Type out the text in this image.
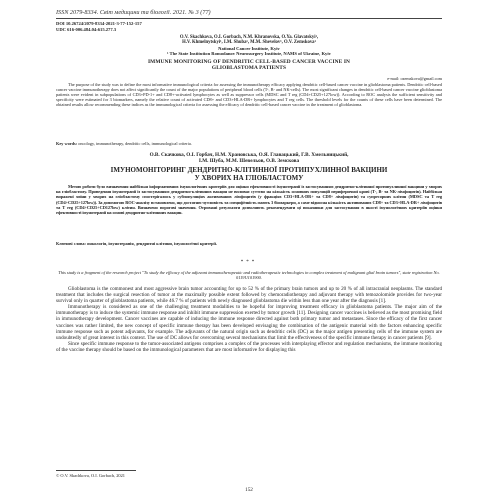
ISSN 2079-8334. Світ медицини та біології. 2021. № 3 (77)
DOI 10.26724/2079-8334-2021-3-77-152-157
UDC 616-006.484.04:615.277.3
O.V. Skachkova, O.I. Gorbach, N.M. Khranovska, O.Ya. Glavatskyi¹,
H.V. Khmelnytskyi¹, I.M. Shuba¹, M.M. Shevelov¹, O.V. Zemskova¹
National Cancer Institute, Kyiv
¹ The State Institution Romodanov Neurosurgery Institute, NAMS of Ukraine, Kyiv
IMMUNE MONITORING OF DENDRITIC CELL-BASED CANCER VACCINE IN
GLIOBLASTOMA PATIENTS
e-mail: ozemskova@gmail.com
The purpose of the study was to define the most informative immunological criteria for assessing the immunotherapy efficacy applying dendritic cell-based cancer vaccine in glioblastoma patients. Dendritic cell-based cancer vaccine immunotherapy does not affect significantly the count of the major populations of peripheral blood cells (T-, B- and NK-cells). The most significant changes in dendritic cell-based cancer vaccine glioblastoma patients were evident in subpopulations of CD3+PD-1+ and CD8+-activated lymphocytes as well as suppressor cells (MDSC and T reg (CD4+CD25+127low)). According to ROC analysis the sufficient sensitivity and specificity were estimated for 3 biomarkers, namely the relative count of activated CD8+ and CD3+HLA-DR+ lymphocytes and T reg cells. The threshold levels for the counts of these cells have been determined. The obtained results allow recommending these indices as the immunological criteria for assessing the efficacy of dendritic cell-based cancer vaccine in the treatment of glioblastoma.
Key words: oncology, immunotherapy, dendritic cells, immunological criteria.
О.В. Скачкова, О.І. Горбач, Н.М. Храновська, О.Я. Главацький, Г.В. Хмельницький,
І.М. Шуба, М.М. Шевельов, О.В. Земскова
ІМУНОМОНІТОРИНГ ДЕНДРИТНО-КЛІТИННОЇ ПРОТИПУХЛИННОЇ ВАКЦИНИ
У ХВОРИХ НА ГЛІОБЛАСТОМУ
Метою роботи було визначення найбільш інформативних імунологічних критеріїв для оцінки ефективності імунотерапії із застосуванням дендритно-клітинної протипухлинної вакцини у хворих на гліобластому. Проведення імунотерапії із застосуванням дендритно-клітинних вакцин не впливає суттєво на кількість основних популяцій периферичної крові (Т-, В- та NK-лімфоцитів). Найбільш виражені зміни у хворих на гліобластому спостерігались у субпопуляціях активованих лімфоцитів (у фракціях CD3+HLA-DR+ та CD8+ лімфоцитів) та супресорних клітин (MDSC та T reg (CD4+CD25+127low)). За допомогою ROC-аналізу встановлено, що достатню чутливість та специфічність мають 3 біомаркери, а саме відносна кількість активованих CD8+ та CD3+HLA-DR+ лімфоцитів та T reg (CD4+CD25+CD127low) клітин. Визначено порогові значення. Отримані результати дозволяють рекомендувати ці показники для застосування в якості імунологічних критеріїв оцінки ефективності імунотерапії на основі дендритно-клітинних вакцин.
Ключові слова: онкологія, імунотерапія, дендритні клітини, імунологічні критерії.
***
This study is a fragment of the research project "To study the efficacy of the adjuvant immunotherapeutic and radiotherapeutic technologies in complex treatment of malignant glial brain tumors", state registration No. 0119U101900.

Glioblastoma is the commonest and most aggressive brain tumor accounting for up to 52 % of the primary brain tumors and up to 20 % of all intracranial neoplasms. The standard treatment that includes the surgical resection of tumor at the maximally possible extent followed by chemoradiotherapy and adjuvant therapy with temozolomide provides for two-year survival only in quarter of glioblastoma patients, while 46.7 % of patients with newly diagnosed glioblastoma die within less than one year after the diagnosis [1].

Immunotherapy is considered as one of the challenging treatment modalities to be hopeful for improving treatment efficacy in glioblastoma patients. The major aim of the immunotherapy is to induce the systemic immune response and inhibit immune suppression exerted by tumor growth [11]. Designing cancer vaccines is believed as the most promising field in immunotherapy development. Cancer vaccines are capable of inducing the immune response directed against both primary tumor and metastases. Since the efficacy of the first cancer vaccines was rather limited, the new concept of specific immune therapy has been developed envisaging the combination of the antigenic material with the factors enhancing specific immune response such as potent adjuvants, for example. The adjuvants of the natural origin such as dendritic cells (DC) as the major antigen presenting cells of the immune system are undoubtedly of great interest in this context. The use of DC allows for overcoming several mechanisms that limit the effectiveness of the specific immune therapy in cancer patients [9].

Since specific immune response to the tumor-associated antigens comprises a complex of the processes with interplaying effector and regulation mechanisms, the immune monitoring of the vaccine therapy should be based on the immunological parameters that are most informative for displaying this

© O.V. Skachkova, O.I. Gorbach, 2021
152
